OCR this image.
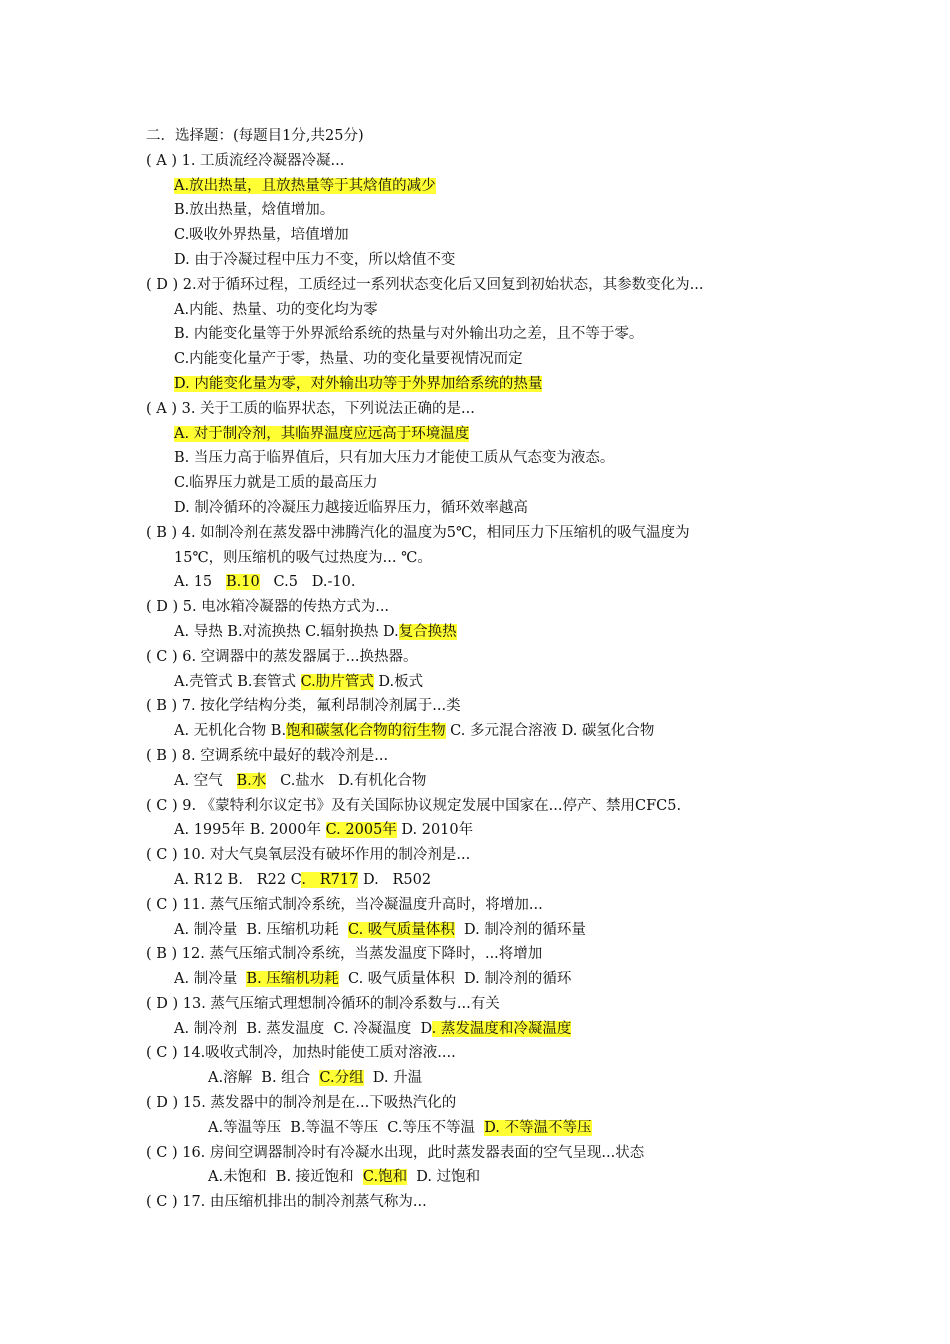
二．选择题：(每题目1分,共25分)
( A ) 1. 工质流经冷凝器冷凝...
A.放出热量，且放热量等于其焓值的减少
B.放出热量，焓值增加。
C.吸收外界热量，培值增加
D. 由于冷凝过程中压力不变，所以焓值不变
( D ) 2.对于循环过程，工质经过一系列状态变化后又回复到初始状态，其参数变化为...
A.内能、热量、功的变化均为零
B. 内能变化量等于外界派给系统的热量与对外输出功之差，且不等于零。
C.内能变化量产于零，热量、功的变化量要视情况而定
D. 内能变化量为零，对外输出功等于外界加给系统的热量
( A ) 3. 关于工质的临界状态，下列说法正确的是...
A. 对于制冷剂，其临界温度应远高于环境温度
B. 当压力高于临界值后，只有加大压力才能使工质从气态变为液态。
C.临界压力就是工质的最高压力
D. 制冷循环的冷凝压力越接近临界压力，循环效率越高
( B ) 4. 如制冷剂在蒸发器中沸腾汽化的温度为5℃，相同压力下压缩机的吸气温度为
15℃，则压缩机的吸气过热度为... ℃。
A. 15   B.10   C.5   D.-10.
( D ) 5. 电冰箱冷凝器的传热方式为...
A. 导热 B.对流换热 C.辐射换热 D.复合换热
( C ) 6. 空调器中的蒸发器属于...换热器。
A.壳管式 B.套管式 C.肋片管式 D.板式
( B ) 7. 按化学结构分类，氟利昂制冷剂属于...类
A. 无机化合物 B.饱和碳氢化合物的衍生物 C. 多元混合溶液 D. 碳氢化合物
( B ) 8. 空调系统中最好的载冷剂是...
A. 空气   B.水   C.盐水   D.有机化合物
( C ) 9. 《蒙特利尔议定书》及有关国际协议规定发展中国家在...停产、禁用CFC5.
A. 1995年 B. 2000年 C. 2005年 D. 2010年
( C ) 10. 对大气臭氧层没有破坏作用的制冷剂是...
A. R12 B.   R22 C.   R717 D.   R502
( C ) 11. 蒸气压缩式制冷系统，当冷凝温度升高时，将增加...
A. 制冷量  B. 压缩机功耗  C. 吸气质量体积  D. 制冷剂的循环量
( B ) 12. 蒸气压缩式制冷系统，当蒸发温度下降时，...将增加
A. 制冷量  B. 压缩机功耗  C. 吸气质量体积  D. 制冷剂的循环
( D ) 13. 蒸气压缩式理想制冷循环的制冷系数与...有关
A. 制冷剂  B. 蒸发温度  C. 冷凝温度  D. 蒸发温度和冷凝温度
( C ) 14.吸收式制冷，加热时能使工质对溶液....
A.溶解  B. 组合  C.分组  D. 升温
( D ) 15. 蒸发器中的制冷剂是在...下吸热汽化的
A.等温等压  B.等温不等压  C.等压不等温  D. 不等温不等压
( C ) 16. 房间空调器制冷时有冷凝水出现，此时蒸发器表面的空气呈现...状态
A.未饱和  B. 接近饱和  C.饱和  D. 过饱和
( C ) 17. 由压缩机排出的制冷剂蒸气称为...
